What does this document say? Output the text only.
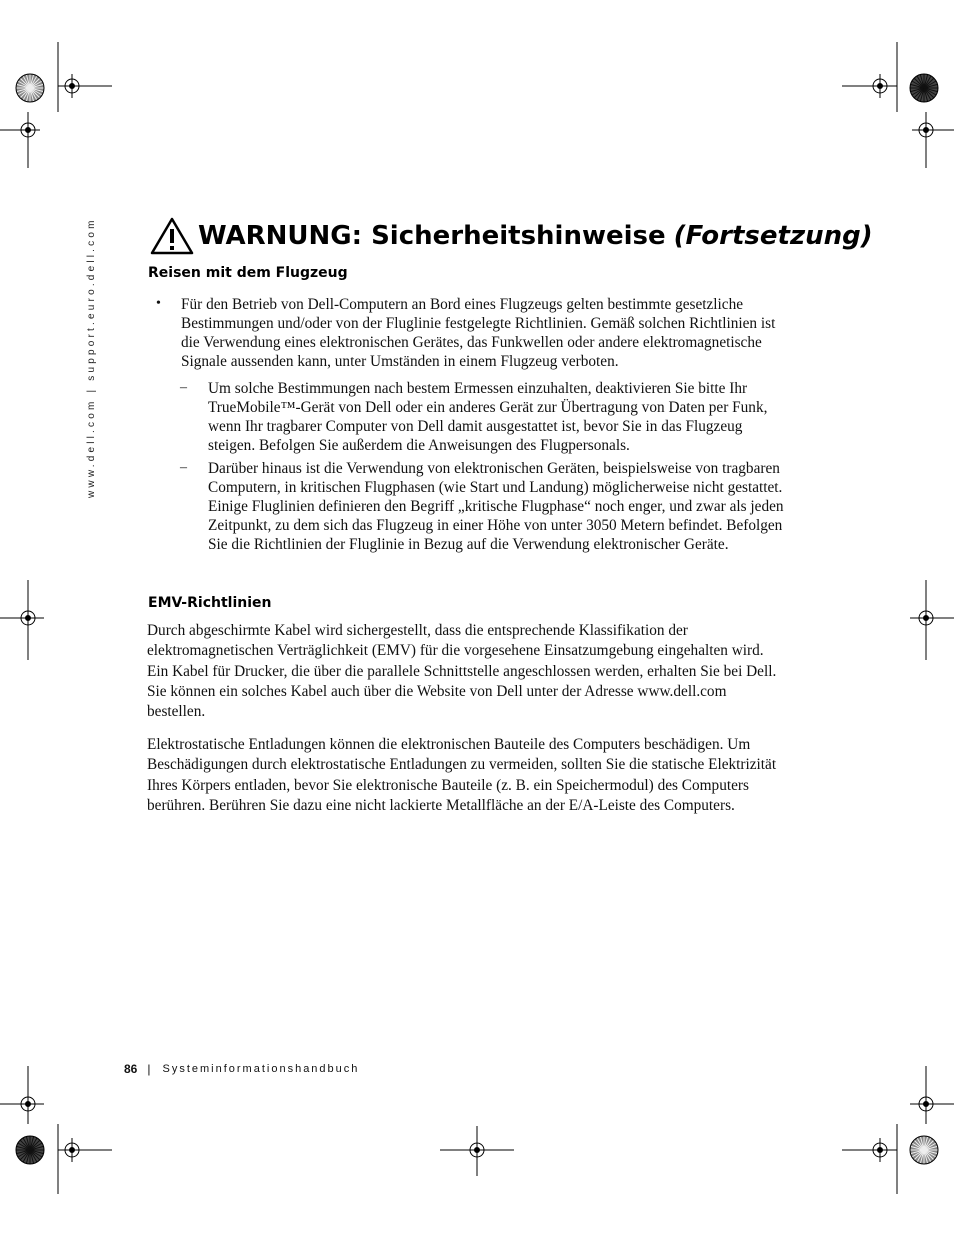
www.dell.com | support.euro.dell.com	WARNUNG: Sicherheitshinweise (Fortsetzung)
Reisen mit dem Flugzeug
• Für den Betrieb von Dell-Computern an Bord eines Flugzeugs gelten bestimmte gesetzliche Bestimmungen und/oder von der Fluglinie festgelegte Richtlinien. Gemäß solchen Richtlinien ist die Verwendung eines elektronischen Gerätes, das Funkwellen oder andere elektromagnetische Signale aussenden kann, unter Umständen in einem Flugzeug verboten.
– Um solche Bestimmungen nach bestem Ermessen einzuhalten, deaktivieren Sie bitte Ihr TrueMobile™-Gerät von Dell oder ein anderes Gerät zur Übertragung von Daten per Funk, wenn Ihr tragbarer Computer von Dell damit ausgestattet ist, bevor Sie in das Flugzeug steigen. Befolgen Sie außerdem die Anweisungen des Flugpersonals.
– Darüber hinaus ist die Verwendung von elektronischen Geräten, beispielsweise von tragbaren Computern, in kritischen Flugphasen (wie Start und Landung) möglicherweise nicht gestattet. Einige Fluglinien definieren den Begriff „kritische Flugphase“ noch enger, und zwar als jeden Zeitpunkt, zu dem sich das Flugzeug in einer Höhe von unter 3050 Metern befindet. Befolgen Sie die Richtlinien der Fluglinie in Bezug auf die Verwendung elektronischer Geräte.
EMV-Richtlinien
Durch abgeschirmte Kabel wird sichergestellt, dass die entsprechende Klassifikation der elektromagnetischen Verträglichkeit (EMV) für die vorgesehene Einsatzumgebung eingehalten wird. Ein Kabel für Drucker, die über die parallele Schnittstelle angeschlossen werden, erhalten Sie bei Dell. Sie können ein solches Kabel auch über die Website von Dell unter der Adresse www.dell.com bestellen.
Elektrostatische Entladungen können die elektronischen Bauteile des Computers beschädigen. Um Beschädigungen durch elektrostatische Entladungen zu vermeiden, sollten Sie die statische Elektrizität Ihres Körpers entladen, bevor Sie elektronische Bauteile (z. B. ein Speichermodul) des Computers berühren. Berühren Sie dazu eine nicht lackierte Metallfläche an der E/A-Leiste des Computers.
86 | Systeminformationshandbuch
